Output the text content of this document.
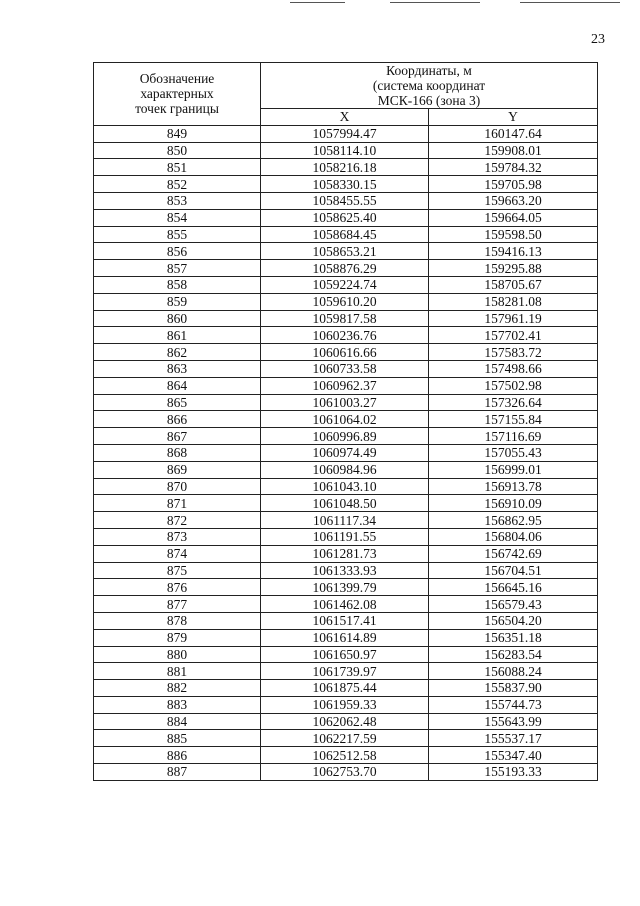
23
Обозначение
характерных
точек границы	Координаты, м
(система координат
МСК-166 (зона 3)	
	X	Y
849	1057994.47	160147.64
850	1058114.10	159908.01
851	1058216.18	159784.32
852	1058330.15	159705.98
853	1058455.55	159663.20
854	1058625.40	159664.05
855	1058684.45	159598.50
856	1058653.21	159416.13
857	1058876.29	159295.88
858	1059224.74	158705.67
859	1059610.20	158281.08
860	1059817.58	157961.19
861	1060236.76	157702.41
862	1060616.66	157583.72
863	1060733.58	157498.66
864	1060962.37	157502.98
865	1061003.27	157326.64
866	1061064.02	157155.84
867	1060996.89	157116.69
868	1060974.49	157055.43
869	1060984.96	156999.01
870	1061043.10	156913.78
871	1061048.50	156910.09
872	1061117.34	156862.95
873	1061191.55	156804.06
874	1061281.73	156742.69
875	1061333.93	156704.51
876	1061399.79	156645.16
877	1061462.08	156579.43
878	1061517.41	156504.20
879	1061614.89	156351.18
880	1061650.97	156283.54
881	1061739.97	156088.24
882	1061875.44	155837.90
883	1061959.33	155744.73
884	1062062.48	155643.99
885	1062217.59	155537.17
886	1062512.58	155347.40
887	1062753.70	155193.33
